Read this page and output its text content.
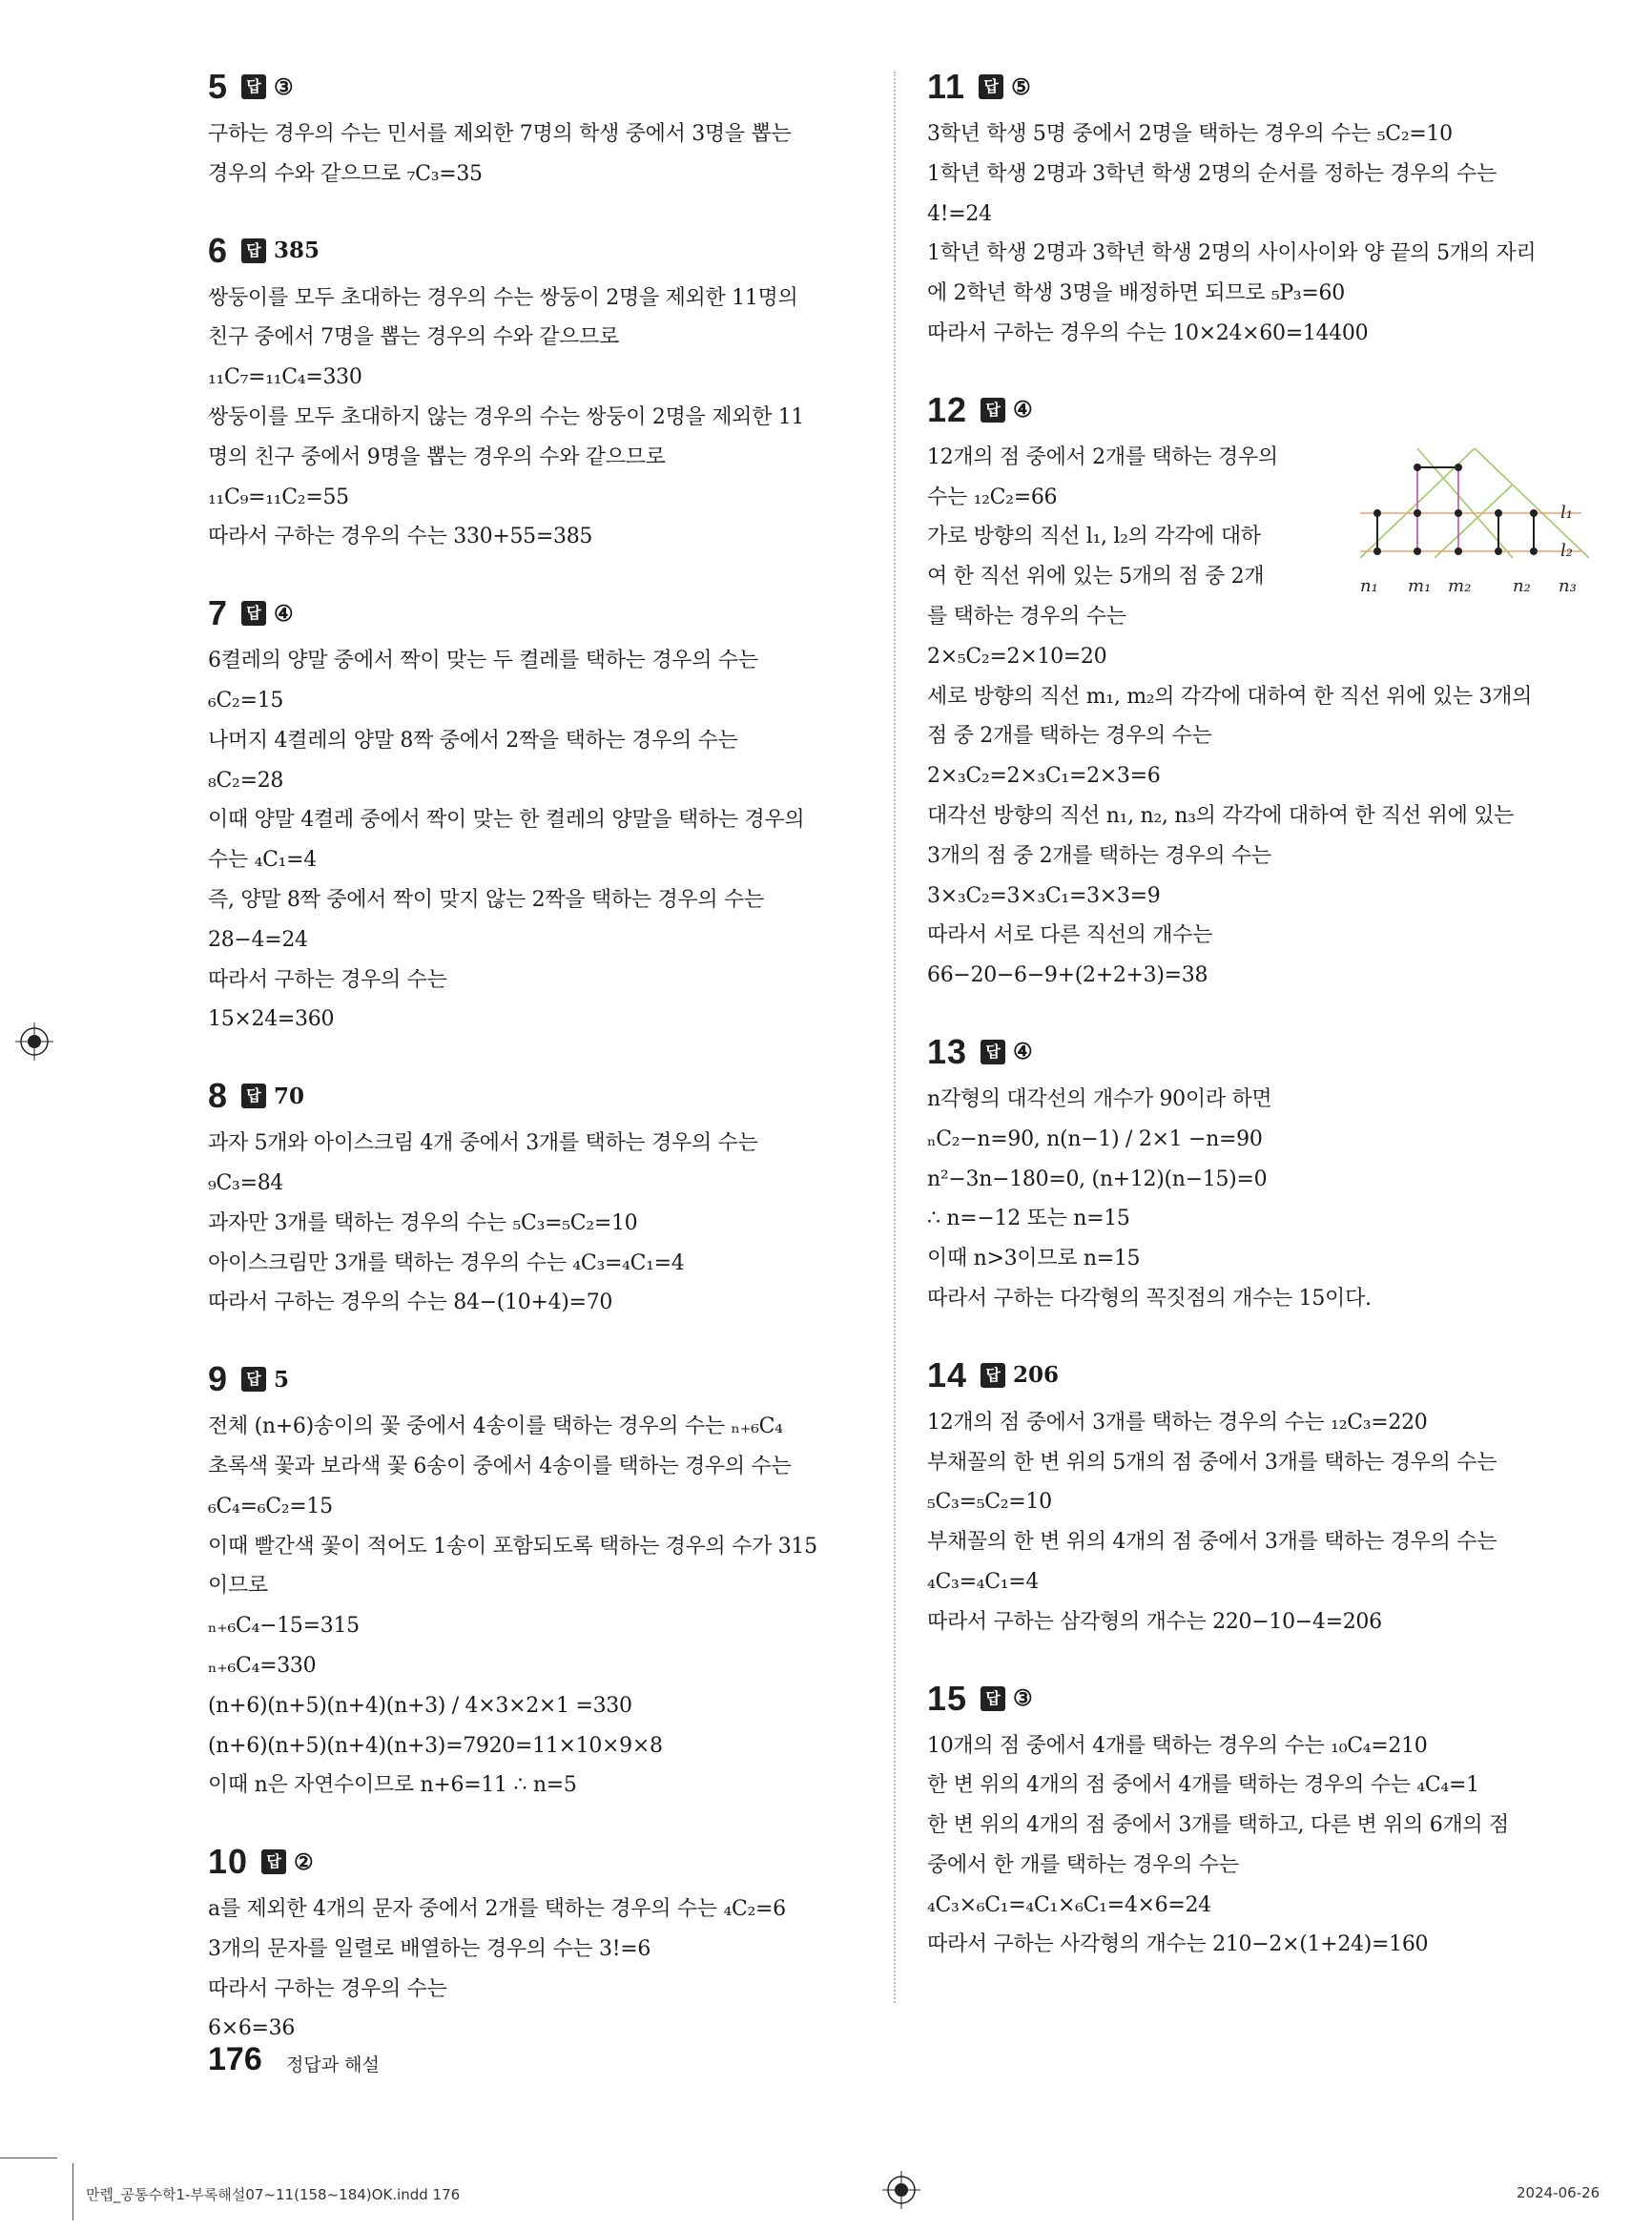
5	답 ③
구하는 경우의 수는 민서를 제외한 7명의 학생 중에서 3명을 뽑는
경우의 수와 같으므로 ₇C₃=35
6	답 385
쌍둥이를 모두 초대하는 경우의 수는 쌍둥이 2명을 제외한 11명의
친구 중에서 7명을 뽑는 경우의 수와 같으므로
₁₁C₇=₁₁C₄=330
쌍둥이를 모두 초대하지 않는 경우의 수는 쌍둥이 2명을 제외한 11
명의 친구 중에서 9명을 뽑는 경우의 수와 같으므로
₁₁C₉=₁₁C₂=55
따라서 구하는 경우의 수는 330+55=385
7	답 ④
6켤레의 양말 중에서 짝이 맞는 두 켤레를 택하는 경우의 수는
₆C₂=15
나머지 4켤레의 양말 8짝 중에서 2짝을 택하는 경우의 수는
₈C₂=28
이때 양말 4켤레 중에서 짝이 맞는 한 켤레의 양말을 택하는 경우의
수는 ₄C₁=4
즉, 양말 8짝 중에서 짝이 맞지 않는 2짝을 택하는 경우의 수는
28−4=24
따라서 구하는 경우의 수는
15×24=360
8	답 70
과자 5개와 아이스크림 4개 중에서 3개를 택하는 경우의 수는
₉C₃=84
과자만 3개를 택하는 경우의 수는 ₅C₃=₅C₂=10
아이스크림만 3개를 택하는 경우의 수는 ₄C₃=₄C₁=4
따라서 구하는 경우의 수는 84−(10+4)=70
9	답 5
전체 (n+6)송이의 꽃 중에서 4송이를 택하는 경우의 수는 ₙ₊₆C₄
초록색 꽃과 보라색 꽃 6송이 중에서 4송이를 택하는 경우의 수는
₆C₄=₆C₂=15
이때 빨간색 꽃이 적어도 1송이 포함되도록 택하는 경우의 수가 315
이므로
ₙ₊₆C₄−15=315
ₙ₊₆C₄=330
(n+6)(n+5)(n+4)(n+3) / 4×3×2×1 =330
(n+6)(n+5)(n+4)(n+3)=7920=11×10×9×8
이때 n은 자연수이므로 n+6=11 ∴ n=5
10	답 ②
a를 제외한 4개의 문자 중에서 2개를 택하는 경우의 수는 ₄C₂=6
3개의 문자를 일렬로 배열하는 경우의 수는 3!=6
따라서 구하는 경우의 수는
6×6=36
11	답 ⑤
3학년 학생 5명 중에서 2명을 택하는 경우의 수는 ₅C₂=10
1학년 학생 2명과 3학년 학생 2명의 순서를 정하는 경우의 수는
4!=24
1학년 학생 2명과 3학년 학생 2명의 사이사이와 양 끝의 5개의 자리
에 2학년 학생 3명을 배정하면 되므로 ₅P₃=60
따라서 구하는 경우의 수는 10×24×60=14400
12	답 ④
12개의 점 중에서 2개를 택하는 경우의
수는 ₁₂C₂=66
가로 방향의 직선 l₁, l₂의 각각에 대하
여 한 직선 위에 있는 5개의 점 중 2개
를 택하는 경우의 수는
2×₅C₂=2×10=20
세로 방향의 직선 m₁, m₂의 각각에 대하여 한 직선 위에 있는 3개의
점 중 2개를 택하는 경우의 수는
2×₃C₂=2×₃C₁=2×3=6
대각선 방향의 직선 n₁, n₂, n₃의 각각에 대하여 한 직선 위에 있는
3개의 점 중 2개를 택하는 경우의 수는
3×₃C₂=3×₃C₁=3×3=9
따라서 서로 다른 직선의 개수는
66−20−6−9+(2+2+3)=38
13	답 ④
n각형의 대각선의 개수가 90이라 하면
ₙC₂−n=90, n(n−1) / 2×1 −n=90
n²−3n−180=0, (n+12)(n−15)=0
∴ n=−12 또는 n=15
이때 n>3이므로 n=15
따라서 구하는 다각형의 꼭짓점의 개수는 15이다.
14	답 206
12개의 점 중에서 3개를 택하는 경우의 수는 ₁₂C₃=220
부채꼴의 한 변 위의 5개의 점 중에서 3개를 택하는 경우의 수는
₅C₃=₅C₂=10
부채꼴의 한 변 위의 4개의 점 중에서 3개를 택하는 경우의 수는
₄C₃=₄C₁=4
따라서 구하는 삼각형의 개수는 220−10−4=206
15	답 ③
10개의 점 중에서 4개를 택하는 경우의 수는 ₁₀C₄=210
한 변 위의 4개의 점 중에서 4개를 택하는 경우의 수는 ₄C₄=1
한 변 위의 4개의 점 중에서 3개를 택하고, 다른 변 위의 6개의 점
중에서 한 개를 택하는 경우의 수는
₄C₃×₆C₁=₄C₁×₆C₁=4×6=24
따라서 구하는 사각형의 개수는 210−2×(1+24)=160
l₁
l₂
n₁ m₁ m₂ n₂ n₃
176 정답과 해설
만렙_공통수학1-부록해설07~11(158~184)OK.indd 176	2024-06-26
